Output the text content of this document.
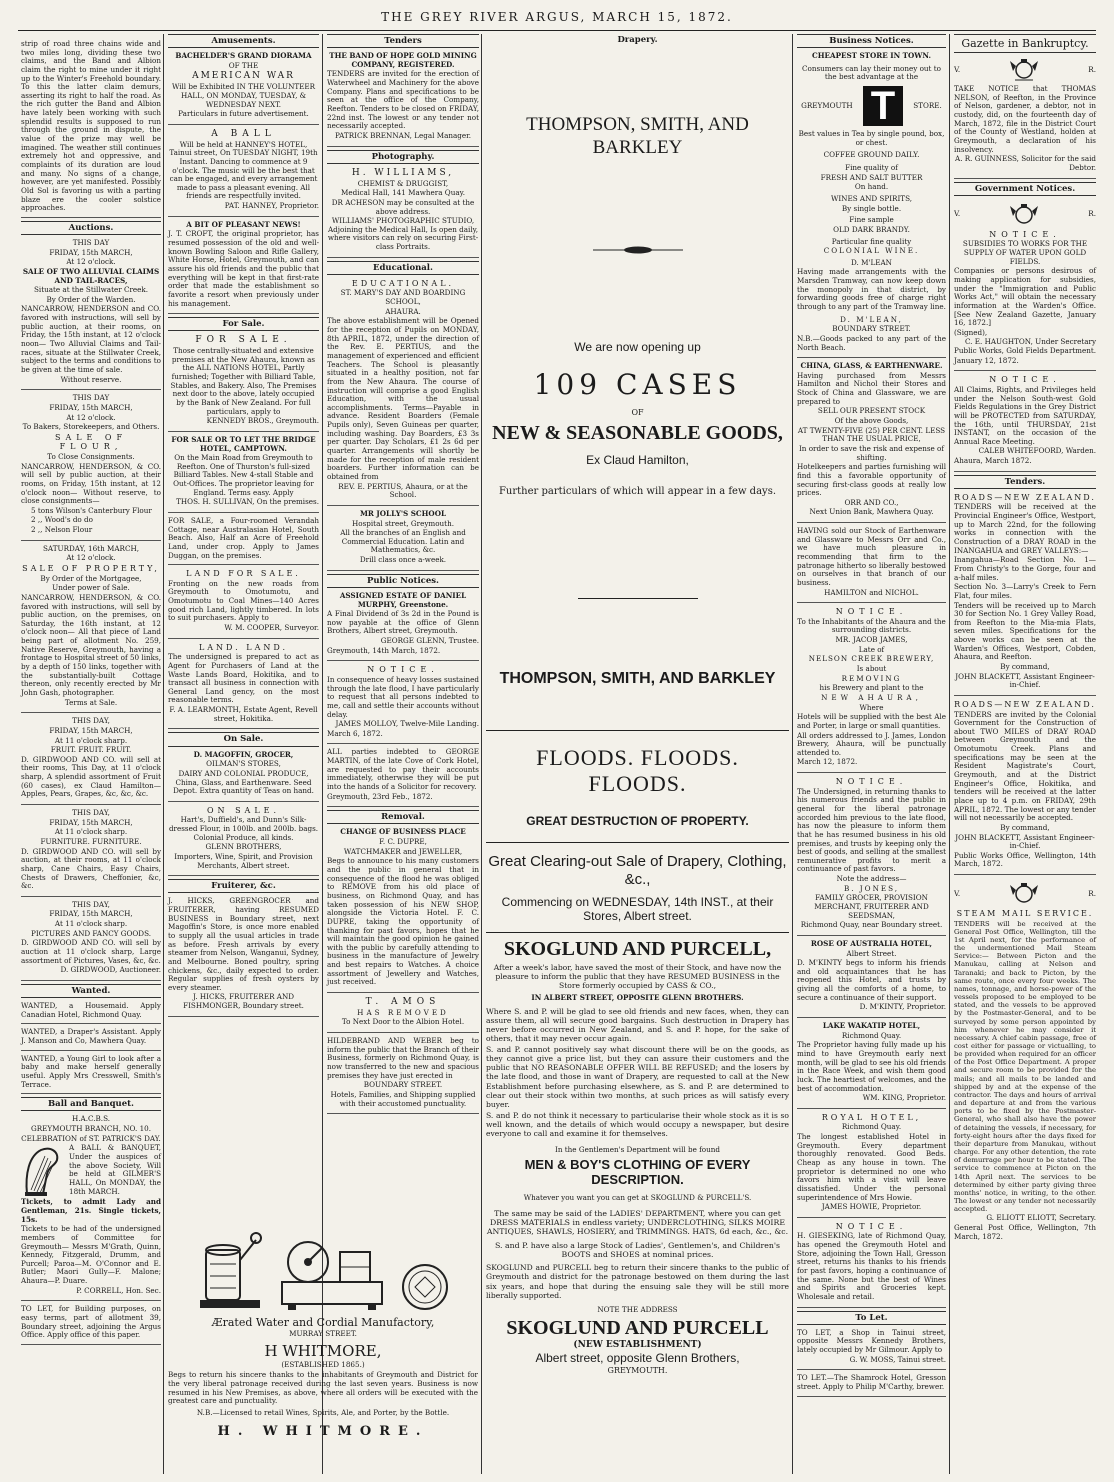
THE GREY RIVER ARGUS, MARCH 15, 1872.

strip of road three chains wide and two miles long, dividing these two claims, and the Band and Albion claim the right to mine under it right up to the Winter's Freehold boundary. To this the latter claim demurs, asserting its right to half the road. As the rich gutter the Band and Albion have lately been working with such splendid results is supposed to run through the ground in dispute, the value of the prize may well be imagined. The weather still continues extremely hot and oppressive, and complaints of its duration are loud and many. No signs of a change, however, are yet manifested. Possibly Old Sol is favoring us with a parting blaze ere the cooler solstice approaches.

Auctions.

THIS DAY

FRIDAY, 15th MARCH,

At 12 o'clock.

SALE OF TWO ALLUVIAL CLAIMS AND TAIL-RACES,

Situate at the Stillwater Creek.

By Order of the Warden.

NANCARROW, HENDERSON and CO. favored with instructions, will sell by public auction, at their rooms, on Friday, the 15th instant, at 12 o'clock noon— Two Alluvial Claims and Tail-races, situate at the Stillwater Creek, subject to the terms and conditions to be given at the time of sale.

Without reserve.

THIS DAY

FRIDAY, 15th MARCH,

At 12 o'clock.

To Bakers, Storekeepers, and Others.

SALE OF FLOUR,

To Close Consignments.

NANCARROW, HENDERSON, & CO. will sell by public auction, at their rooms, on Friday, 15th instant, at 12 o'clock noon— Without reserve, to close consignments—

5 tons Wilson's Canterbury Flour

2 ,, Wood's do do

2 ,, Nelson Flour

SATURDAY, 16th MARCH,

At 12 o'clock.

SALE OF PROPERTY,

By Order of the Mortgagee,

Under power of Sale.

NANCARROW, HENDERSON, & CO. favored with instructions, will sell by public auction, on the premises, on Saturday, the 16th instant, at 12 o'clock noon— All that piece of Land being part of allotment No. 259, Native Reserve, Greymouth, having a frontage to Hospital street of 50 links, by a depth of 150 links, together with the substantially-built Cottage thereon, only recently erected by Mr John Gash, photographer.

Terms at Sale.

THIS DAY,

FRIDAY, 15th MARCH,

At 11 o'clock sharp.

FRUIT. FRUIT. FRUIT.

D. GIRDWOOD AND CO. will sell at their rooms, This Day, at 11 o'clock sharp, A splendid assortment of Fruit (60 cases), ex Claud Hamilton— Apples, Pears, Grapes, &c, &c, &c.

THIS DAY,

FRIDAY, 15th MARCH,

At 11 o'clock sharp.

FURNITURE. FURNITURE.

D. GIRDWOOD AND CO. will sell by auction, at their rooms, at 11 o'clock sharp, Cane Chairs, Easy Chairs, Chests of Drawers, Cheffonier, &c, &c.

THIS DAY,

FRIDAY, 15th MARCH,

At 11 o'clock sharp.

PICTURES AND FANCY GOODS.

D. GIRDWOOD AND CO. will sell by auction at 11 o'clock sharp, Large assortment of Pictures, Vases, &c, &c.

D. GIRDWOOD, Auctioneer.

Wanted.

WANTED, a Housemaid. Apply Canadian Hotel, Richmond Quay.

WANTED, a Draper's Assistant. Apply J. Manson and Co, Mawhera Quay.

WANTED, a Young Girl to look after a baby and make herself generally useful. Apply Mrs Cresswell, Smith's Terrace.

Ball and Banquet.

H.A.C.B.S.

GREYMOUTH BRANCH, NO. 10.

CELEBRATION of ST. PATRICK'S DAY.

A BALL & BANQUET, Under the auspices of the above Society, Will be held at GILMER'S HALL, On MONDAY, the 18th MARCH.

Tickets, to admit Lady and Gentleman, 21s. Single tickets, 15s.

Tickets to be had of the undersigned members of Committee for Greymouth— Messrs M'Grath, Quinn, Kennedy, Fitzgerald, Drumm, and Purcell; Paroa—M. O'Connor and E. Butler; Maori Gully—F. Malone; Ahaura—P. Duare.

P. CORRELL, Hon. Sec.

TO LET, for Building purposes, on easy terms, part of allotment 39, Boundary street, adjoining the Argus Office. Apply office of this paper.

Amusements.

BACHELDER'S GRAND DIORAMA

OF THE

AMERICAN WAR

Will be Exhibited IN THE VOLUNTEER HALL, ON MONDAY, TUESDAY, & WEDNESDAY NEXT.

Particulars in future advertisement.

A BALL

Will be held at HANNEY'S HOTEL, Tainui street, On TUESDAY NIGHT, 19th Instant. Dancing to commence at 9 o'clock. The music will be the best that can be engaged, and every arrangement made to pass a pleasant evening. All friends are respectfully invited.

PAT. HANNEY, Proprietor.

A BIT OF PLEASANT NEWS!

J. T. CROFT, the original proprietor, has resumed possession of the old and well-known Bowling Saloon and Rifle Gallery, White Horse, Hotel, Greymouth, and can assure his old friends and the public that everything will be kept in that first-rate order that made the establishment so favorite a resort when previously under his management.

For Sale.

FOR SALE.

Those centrally-situated and extensive premises at the New Ahaura, known as the ALL NATIONS HOTEL, Partly furnished; Together with Billiard Table, Stables, and Bakery. Also, The Premises next door to the above, lately occupied by the Bank of New Zealand. For full particulars, apply to

KENNEDY BROS., Greymouth.

FOR SALE OR TO LET THE BRIDGE HOTEL, CAMPTOWN.

On the Main Road from Greymouth to Reefton. One of Thurston's full-sized Billiard Tables. New 4-stall Stable and Out-Offices. The proprietor leaving for England. Terms easy. Apply

THOS. H. SULLIVAN, On the premises.

FOR SALE, a Four-roomed Verandah Cottage, near Australasian Hotel, South Beach. Also, Half an Acre of Freehold Land, under crop. Apply to James Duggan, on the premises.

LAND FOR SALE.

Fronting on the new roads from Greymouth to Omotumotu, and Omotumotu to Coal Mines—140 Acres good rich Land, lightly timbered. In lots to suit purchasers. Apply to

W. M. COOPER, Surveyor.

LAND. LAND.

The undersigned is prepared to act as Agent for Purchasers of Land at the Waste Lands Board, Hokitika, and to transact all business in connection with General Land gency, on the most reasonable terms.

F. A. LEARMONTH, Estate Agent, Revell street, Hokitika.

On Sale.

D. MAGOFFIN, GROCER,

OILMAN'S STORES,

DAIRY AND COLONIAL PRODUCE, China, Glass, and Earthenware. Seed Depot. Extra quantity of Teas on hand.

ON SALE.

Hart's, Duffield's, and Dunn's Silk-dressed Flour, in 100lb. and 200lb. bags. Colonial Produce, all kinds.

GLENN BROTHERS,

Importers, Wine, Spirit, and Provision Merchants, Albert street.

Fruiterer, &c.

J. HICKS, GREENGROCER and FRUITERER, having RESUMED BUSINESS in Boundary street, next Magoffin's Store, is once more enabled to supply all the usual articles in trade as before. Fresh arrivals by every steamer from Nelson, Wanganui, Sydney, and Melbourne. Boned poultry, spring chickens, &c., daily expected to order. Regular supplies of fresh oysters by every steamer.

J. HICKS, FRUITERER AND FISHMONGER, Boundary street.

Tenders

THE BAND OF HOPE GOLD MINING COMPANY, REGISTERED.

TENDERS are invited for the erection of Waterwheel and Machinery for the above Company. Plans and specifications to be seen at the office of the Company, Reefton. Tenders to be closed on FRIDAY, 22nd inst. The lowest or any tender not necessarily accepted.

PATRICK BRENNAN, Legal Manager.

Photography.

H. WILLIAMS,

CHEMIST & DRUGGIST,

Medical Hall, 141 Mawhera Quay.

DR ACHESON may be consulted at the above address.

WILLIAMS' PHOTOGRAPHIC STUDIO, Adjoining the Medical Hall, Is open daily, where visitors can rely on securing First-class Portraits.

Educational.

EDUCATIONAL.

ST. MARY'S DAY AND BOARDING SCHOOL,

AHAURA.

The above establishment will be Opened for the reception of Pupils on MONDAY, 8th APRIL, 1872, under the direction of the Rev. E. PERTIUS, and the management of experienced and efficient Teachers. The School is pleasantly situated in a healthy position, not far from the New Ahaura. The course of instruction will comprise a good English Education, with the usual accomplishments. Terms—Payable in advance. Resident Boarders (Female Pupils only), Seven Guineas per quarter, including washing. Day Boarders, £3 3s per quarter. Day Scholars, £1 2s 6d per quarter. Arrangements will shortly be made for the reception of male resident boarders. Further information can be obtained from

REV. E. PERTIUS, Ahaura, or at the School.

MR JOLLY'S SCHOOL

Hospital street, Greymouth.

All the branches of an English and Commercial Education. Latin and Mathematics, &c.

Drill class once a-week.

Public Notices.

ASSIGNED ESTATE OF DANIEL MURPHY, Greenstone.

A Final Dividend of 3s 2d in the Pound is now payable at the office of Glenn Brothers, Albert street, Greymouth.

GEORGE GLENN, Trustee.

Greymouth, 14th March, 1872.

NOTICE.

In consequence of heavy losses sustained through the late flood, I have particularly to request that all persons indebted to me, call and settle their accounts without delay.

JAMES MOLLOY, Twelve-Mile Landing.

March 6, 1872.

ALL parties indebted to GEORGE MARTIN, of the late Cove of Cork Hotel, are requested to pay their accounts immediately, otherwise they will be put into the hands of a Solicitor for recovery.

Greymouth, 23rd Feb., 1872.

Removal.

CHANGE OF BUSINESS PLACE

F. C. DUPRE,

WATCHMAKER and JEWELLER,

Begs to announce to his many customers and the public in general that in consequence of the flood he was obliged to REMOVE from his old place of business, on Richmond Quay, and has taken possession of his NEW SHOP, alongside the Victoria Hotel. F. C. DUPRE, taking the opportunity of thanking for past favors, hopes that he will maintain the good opinion he gained with the public by carefully attending to business in the manufacture of Jewelry and best repairs to Watches. A choice assortment of Jewellery and Watches, just received.

T. AMOS

HAS REMOVED

To Next Door to the Albion Hotel.

HILDEBRAND AND WEBER beg to inform the public that the Branch of their Business, formerly on Richmond Quay, is now transferred to the new and spacious premises they have just erected in

BOUNDARY STREET.

Hotels, Families, and Shipping supplied with their accustomed punctuality.

Ærated Water and Cordial Manufactory,

MURRAY STREET.

H WHITMORE,

(ESTABLISHED 1865.)

Begs to return his sincere thanks to the inhabitants of Greymouth and District for the very liberal patronage received during the last seven years. Business is now resumed in his New Premises, as above, where all orders will be executed with the greatest care and punctuality.

N.B.—Licensed to retail Wines, Spirits, Ale, and Porter, by the Bottle.

H. WHITMORE.

Drapery.
THOMPSON, SMITH, AND BARKLEY
We are now opening up
109 CASES
OF
NEW & SEASONABLE GOODS,
Ex Claud Hamilton,
Further particulars of which will appear in a few days.
THOMPSON, SMITH, AND BARKLEY
FLOODS. FLOODS. FLOODS.
GREAT DESTRUCTION OF PROPERTY.
Great Clearing-out Sale of Drapery, Clothing, &c.,
Commencing on WEDNESDAY, 14th INST., at their Stores, Albert street.
SKOGLUND AND PURCELL,

After a week's labor, have saved the most of their Stock, and have now the pleasure to inform the public that they have RESUMED BUSINESS in the Store formerly occupied by CASS & CO.,

IN ALBERT STREET, OPPOSITE GLENN BROTHERS.

Where S. and P. will be glad to see old friends and new faces, when, they can assure them, all will secure good bargains. Such destruction in Drapery has never before occurred in New Zealand, and S. and P. hope, for the sake of others, that it may never occur again.

S. and P. cannot positively say what discount there will be on the goods, as they cannot give a price list, but they can assure their customers and the public that NO REASONABLE OFFER WILL BE REFUSED; and the losers by the late flood, and those in want of Drapery, are requested to call at the New Establishment before purchasing elsewhere, as S. and P. are determined to clear out their stock within two months, at such prices as will satisfy every buyer.

S. and P. do not think it necessary to particularise their whole stock as it is so well known, and the details of which would occupy a newspaper, but desire everyone to call and examine it for themselves.

In the Gentlemen's Department will be found

MEN & BOY'S CLOTHING OF EVERY DESCRIPTION.

Whatever you want you can get at SKOGLUND & PURCELL'S.

The same may be said of the LADIES' DEPARTMENT, where you can get DRESS MATERIALS in endless variety; UNDERCLOTHING, SILKS MOIRE ANTIQUES, SHAWLS, HOSIERY, and TRIMMINGS. HATS, 6d each, &c., &c.

S. and P. have also a large Stock of Ladies', Gentlemen's, and Children's BOOTS and SHOES at nominal prices.

SKOGLUND and PURCELL beg to return their sincere thanks to the public of Greymouth and district for the patronage bestowed on them during the last six years, and hope that during the ensuing sale they will be still more liberally supported.

NOTE THE ADDRESS

SKOGLUND AND PURCELL
(NEW ESTABLISHMENT)
Albert street, opposite Glenn Brothers,
GREYMOUTH.
Business Notices.

CHEAPEST STORE IN TOWN.

Consumers can lay their money out to the best advantage at the

GREYMOUTH T	STORE.

Best values in Tea by single pound, box, or chest.

COFFEE GROUND DAILY.

Fine quality of

FRESH AND SALT BUTTER

On hand.

WINES AND SPIRITS,

By single bottle.

Fine sample

OLD DARK BRANDY.

Particular fine quality

COLONIAL WINE.

D. M'LEAN

Having made arrangements with the Marsden Tramway, can now keep down the monopoly in that district, by forwarding goods free of charge right through to any part of the Tramway line.

D. M'LEAN,

BOUNDARY STREET.

N.B.—Goods packed to any part of the North Beach.

CHINA, GLASS, & EARTHENWARE.

Having purchased from Messrs Hamilton and Nichol their Stores and Stock of China and Glassware, we are prepared to

SELL OUR PRESENT STOCK

Of the above Goods,

AT TWENTY-FIVE (25) PER CENT. LESS THAN THE USUAL PRICE,

In order to save the risk and expense of shifting.

Hotelkeepers and parties furnishing will find this a favorable opportunity of securing first-class goods at really low prices.

ORR AND CO.,

Next Union Bank, Mawhera Quay.

HAVING sold our Stock of Earthenware and Glassware to Messrs Orr and Co., we have much pleasure in recommending that firm to the patronage hitherto so liberally bestowed on ourselves in that branch of our business.

HAMILTON and NICHOL.

NOTICE.

To the Inhabitants of the Ahaura and the surrounding districts.

MR. JACOB JAMES,

Late of

NELSON CREEK BREWERY,

Is about

REMOVING

his Brewery and plant to the

NEW AHAURA,

Where

Hotels will be supplied with the best Ale and Porter, in large or small quantities.

All orders addressed to J. James, London Brewery, Ahaura, will be punctually attended to.

March 12, 1872.

NOTICE.

The Undersigned, in returning thanks to his numerous friends and the public in general for the liberal patronage accorded him previous to the late flood, has now the pleasure to inform them that he has resumed business in his old premises, and trusts by keeping only the best of goods, and selling at the smallest remunerative profits to merit a continuance of past favors.

Note the address—

B. JONES,

FAMILY GROCER, PROVISION MERCHANT, FRUITERER AND SEEDSMAN,

Richmond Quay, near Boundary street.

ROSE OF AUSTRALIA HOTEL,

Albert Street.

D. M'KINTY begs to inform his friends and old acquaintances that he has reopened this Hotel, and trusts by giving all the comforts of a home, to secure a continuance of their support.

D. M'KINTY, Proprietor.

LAKE WAKATIP HOTEL,

Richmond Quay.

The Proprietor having fully made up his mind to have Greymouth early next month, will be glad to see his old friends in the Race Week, and wish them good luck. The heartiest of welcomes, and the best of accommodation.

WM. KING, Proprietor.

ROYAL HOTEL,

Richmond Quay.

The longest established Hotel in Greymouth. Every department thoroughly renovated. Good Beds. Cheap as any house in town. The proprietor is determined no one who favors him with a visit will leave dissatisfied. Under the personal superintendence of Mrs Howie.

JAMES HOWIE, Proprietor.

NOTICE.

H. GIESEKING, late of Richmond Quay, has opened the Greymouth Hotel and Store, adjoining the Town Hall, Gresson street, returns his thanks to his friends for past favors, hoping a continuance of the same. None but the best of Wines and Spirits and Groceries kept. Wholesale and retail.

To Let.

TO LET, a Shop in Tainui street, opposite Messrs Kennedy Brothers, lately occupied by Mr Gilmour. Apply to

G. W. MOSS, Tainui street.

TO LET.—The Shamrock Hotel, Gresson street. Apply to Philip M'Carthy, brewer.

Gazette in Bankruptcy.
V.	R.

TAKE NOTICE that THOMAS NELSON, of Reefton, in the Province of Nelson, gardener, a debtor, not in custody, did, on the fourteenth day of March, 1872, file in the District Court of the County of Westland, holden at Greymouth, a declaration of his insolvency.

A. R. GUINNESS, Solicitor for the said Debtor.

Government Notices.
V.	R.

NOTICE.

SUBSIDIES TO WORKS FOR THE SUPPLY OF WATER UPON GOLD FIELDS.

Companies or persons desirous of making application for subsidies, under the "Immigration and Public Works Act," will obtain the necessary information at the Warden's Office. [See New Zealand Gazette, January 16, 1872.]

(Signed),

C. E. HAUGHTON, Under Secretary Public Works, Gold Fields Department.

January 12, 1872.

NOTICE.

All Claims, Rights, and Privileges held under the Nelson South-west Gold Fields Regulations in the Grey District will be PROTECTED from SATURDAY, the 16th, until THURSDAY, 21st INSTANT, on the occasion of the Annual Race Meeting.

CALEB WHITEFOORD, Warden.

Ahaura, March 1872.

Tenders.

ROADS—NEW ZEALAND.

TENDERS will be received at the Provincial Engineer's Office, Westport, up to March 22nd, for the following works in connection with the Construction of a DRAY ROAD in the INANGAHUA and GREY VALLEYS:—

Inangahua—Road Section No. 1—From Christy's to the Gorge, four and a-half miles.

Section No. 3—Larry's Creek to Fern Flat, four miles.

Tenders will be received up to March 30 for Section No. 1 Grey Valley Road, from Reefton to the Mia-mia Flats, seven miles. Specifications for the above works can be seen at the Warden's Offices, Westport, Cobden, Ahaura, and Reefton.

By command,

JOHN BLACKETT, Assistant Engineer-in-Chief.

ROADS—NEW ZEALAND.

TENDERS are invited by the Colonial Government for the Construction of about TWO MILES of DRAY ROAD between Greymouth and the Omotumotu Creek. Plans and specifications may be seen at the Resident Magistrate's Court, Greymouth, and at the District Engineer's Office, Hokitika, and tenders will be received at the latter place up to 4 p.m. on FRIDAY, 29th APRIL, 1872. The lowest or any tender will not necessarily be accepted.

By command,

JOHN BLACKETT, Assistant Engineer-in-Chief.

Public Works Office, Wellington, 14th March, 1872.

V.	R.

STEAM MAIL SERVICE.

TENDERS will be received at the General Post Office, Wellington, till the 1st April next, for the performance of the undermentioned Mail Steam Service:— Between Picton and the Manukau, calling at Nelson and Taranaki; and back to Picton, by the same route, once every four weeks. The names, tonnage, and horse-power of the vessels proposed to be employed to be stated, and the vessels to be approved by the Postmaster-General, and to be surveyed by some person appointed by him whenever he may consider it necessary. A chief cabin passage, free of cost either for passage or victualling, to be provided when required for an officer of the Post Office Department. A proper and secure room to be provided for the mails; and all mails to be landed and shipped by and at the expense of the contractor. The days and hours of arrival and departure at and from the various ports to be fixed by the Postmaster-General, who shall also have the power of detaining the vessels, if necessary, for forty-eight hours after the days fixed for their departure from Manukau, without charge. For any other detention, the rate of demurrage per hour to be stated. The service to commence at Picton on the 14th April next. The services to be determined by either party giving three months' notice, in writing, to the other. The lowest or any tender not necessarily accepted.

G. ELIOTT ELIOTT, Secretary.

General Post Office, Wellington, 7th March, 1872.
